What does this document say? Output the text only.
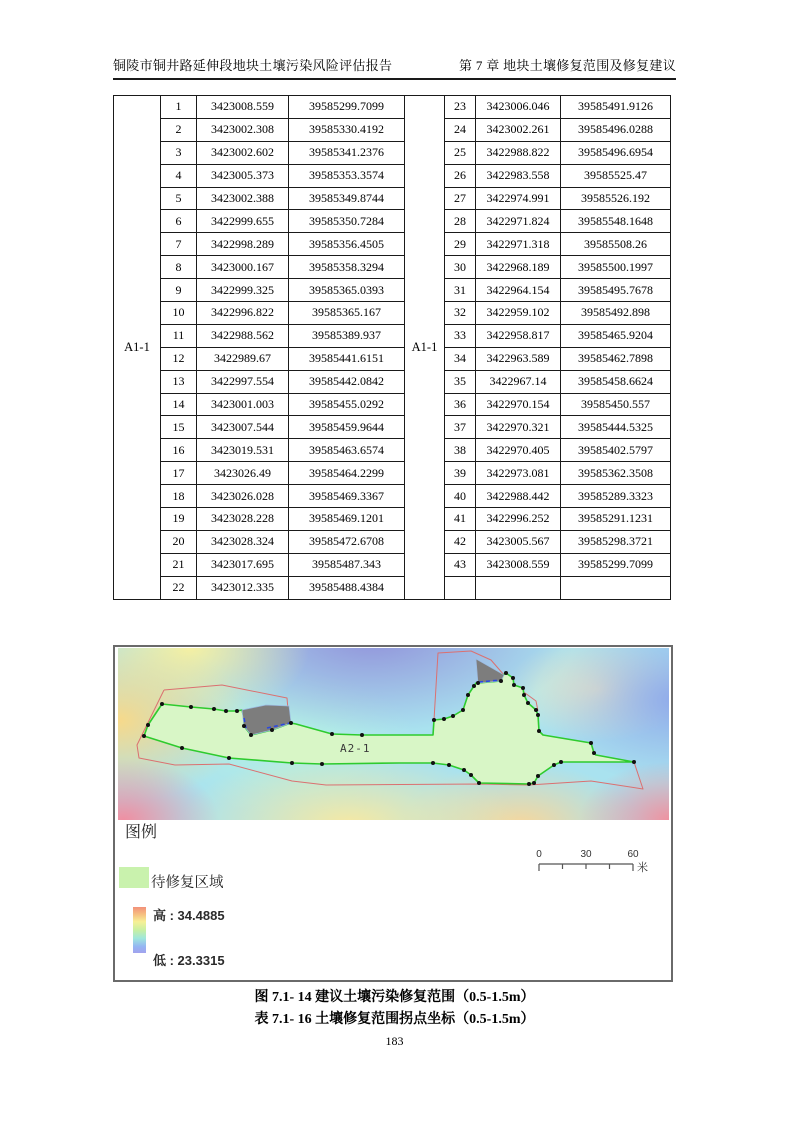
铜陵市铜井路延伸段地块土壤污染风险评估报告	第 7 章 地块土壤修复范围及修复建议
A1-1	1	3423008.559	39585299.7099	A1-1	23	3423006.046	39585491.9126
	2	3423002.308	39585330.4192		24	3423002.261	39585496.0288
	3	3423002.602	39585341.2376		25	3422988.822	39585496.6954
	4	3423005.373	39585353.3574		26	3422983.558	39585525.47
	5	3423002.388	39585349.8744		27	3422974.991	39585526.192
	6	3422999.655	39585350.7284		28	3422971.824	39585548.1648
	7	3422998.289	39585356.4505		29	3422971.318	39585508.26
	8	3423000.167	39585358.3294		30	3422968.189	39585500.1997
	9	3422999.325	39585365.0393		31	3422964.154	39585495.7678
	10	3422996.822	39585365.167		32	3422959.102	39585492.898
	11	3422988.562	39585389.937		33	3422958.817	39585465.9204
	12	3422989.67	39585441.6151		34	3422963.589	39585462.7898
	13	3422997.554	39585442.0842		35	3422967.14	39585458.6624
	14	3423001.003	39585455.0292		36	3422970.154	39585450.557
	15	3423007.544	39585459.9644		37	3422970.321	39585444.5325
	16	3423019.531	39585463.6574		38	3422970.405	39585402.5797
	17	3423026.49	39585464.2299		39	3422973.081	39585362.3508
	18	3423026.028	39585469.3367		40	3422988.442	39585289.3323
	19	3423028.228	39585469.1201		41	3422996.252	39585291.1231
	20	3423028.324	39585472.6708		42	3423005.567	39585298.3721
	21	3423017.695	39585487.343		43	3423008.559	39585299.7099
	22	3423012.335	39585488.4384				
A2-1
图例
待修复区域
高 : 34.4885
低 : 23.3315
0	30	60
米
图 7.1- 14 建议土壤污染修复范围（0.5-1.5m）
表 7.1- 16 土壤修复范围拐点坐标（0.5-1.5m）
183
